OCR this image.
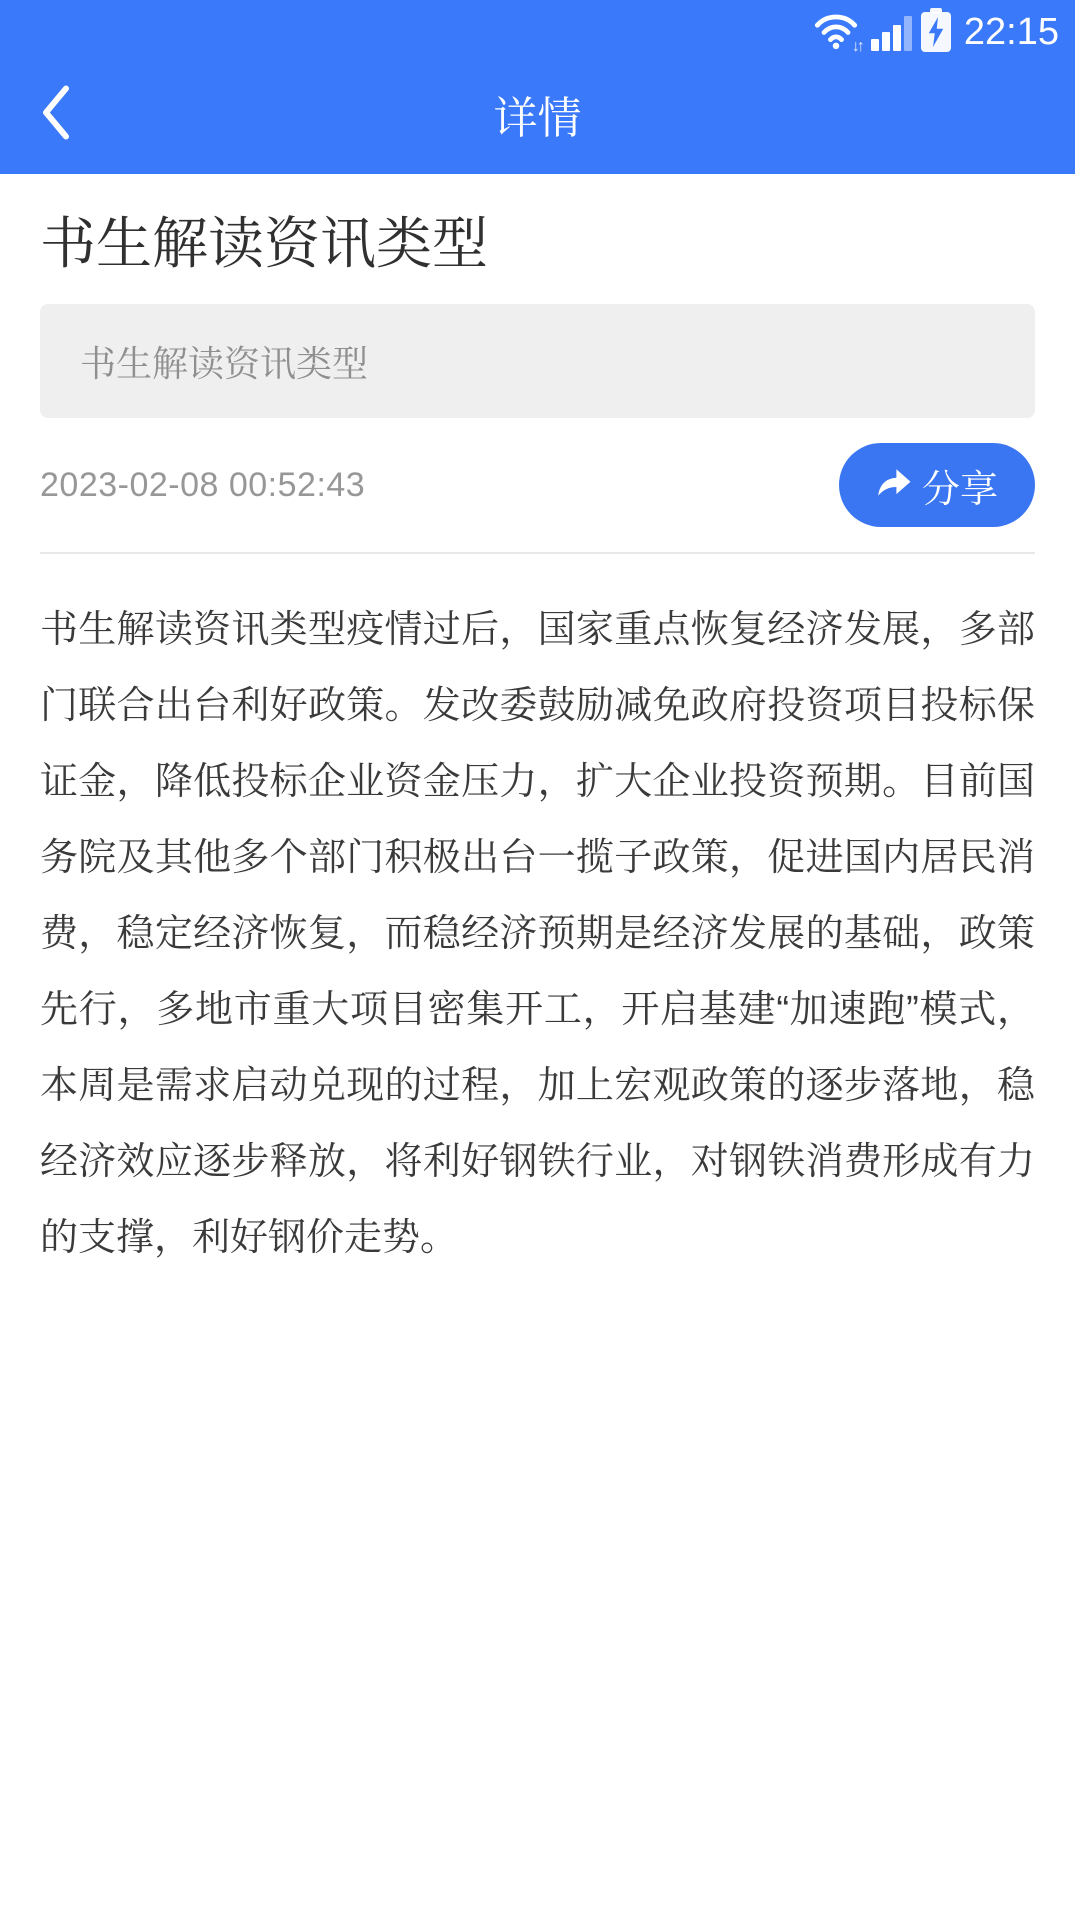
↓↑	22:15
详情
书生解读资讯类型
书生解读资讯类型
2023-02-08 00:52:43	分享

书生解读资讯类型疫情过后，国家重点恢复经济发展，多部门联合出台利好政策。发改委鼓励减免政府投资项目投标保证金，降低投标企业资金压力，扩大企业投资预期。目前国务院及其他多个部门积极出台一揽子政策，促进国内居民消费，稳定经济恢复，而稳经济预期是经济发展的基础，政策先行，多地市重大项目密集开工，开启基建“加速跑”模式，本周是需求启动兑现的过程，加上宏观政策的逐步落地，稳经济效应逐步释放，将利好钢铁行业，对钢铁消费形成有力的支撑，利好钢价走势。
